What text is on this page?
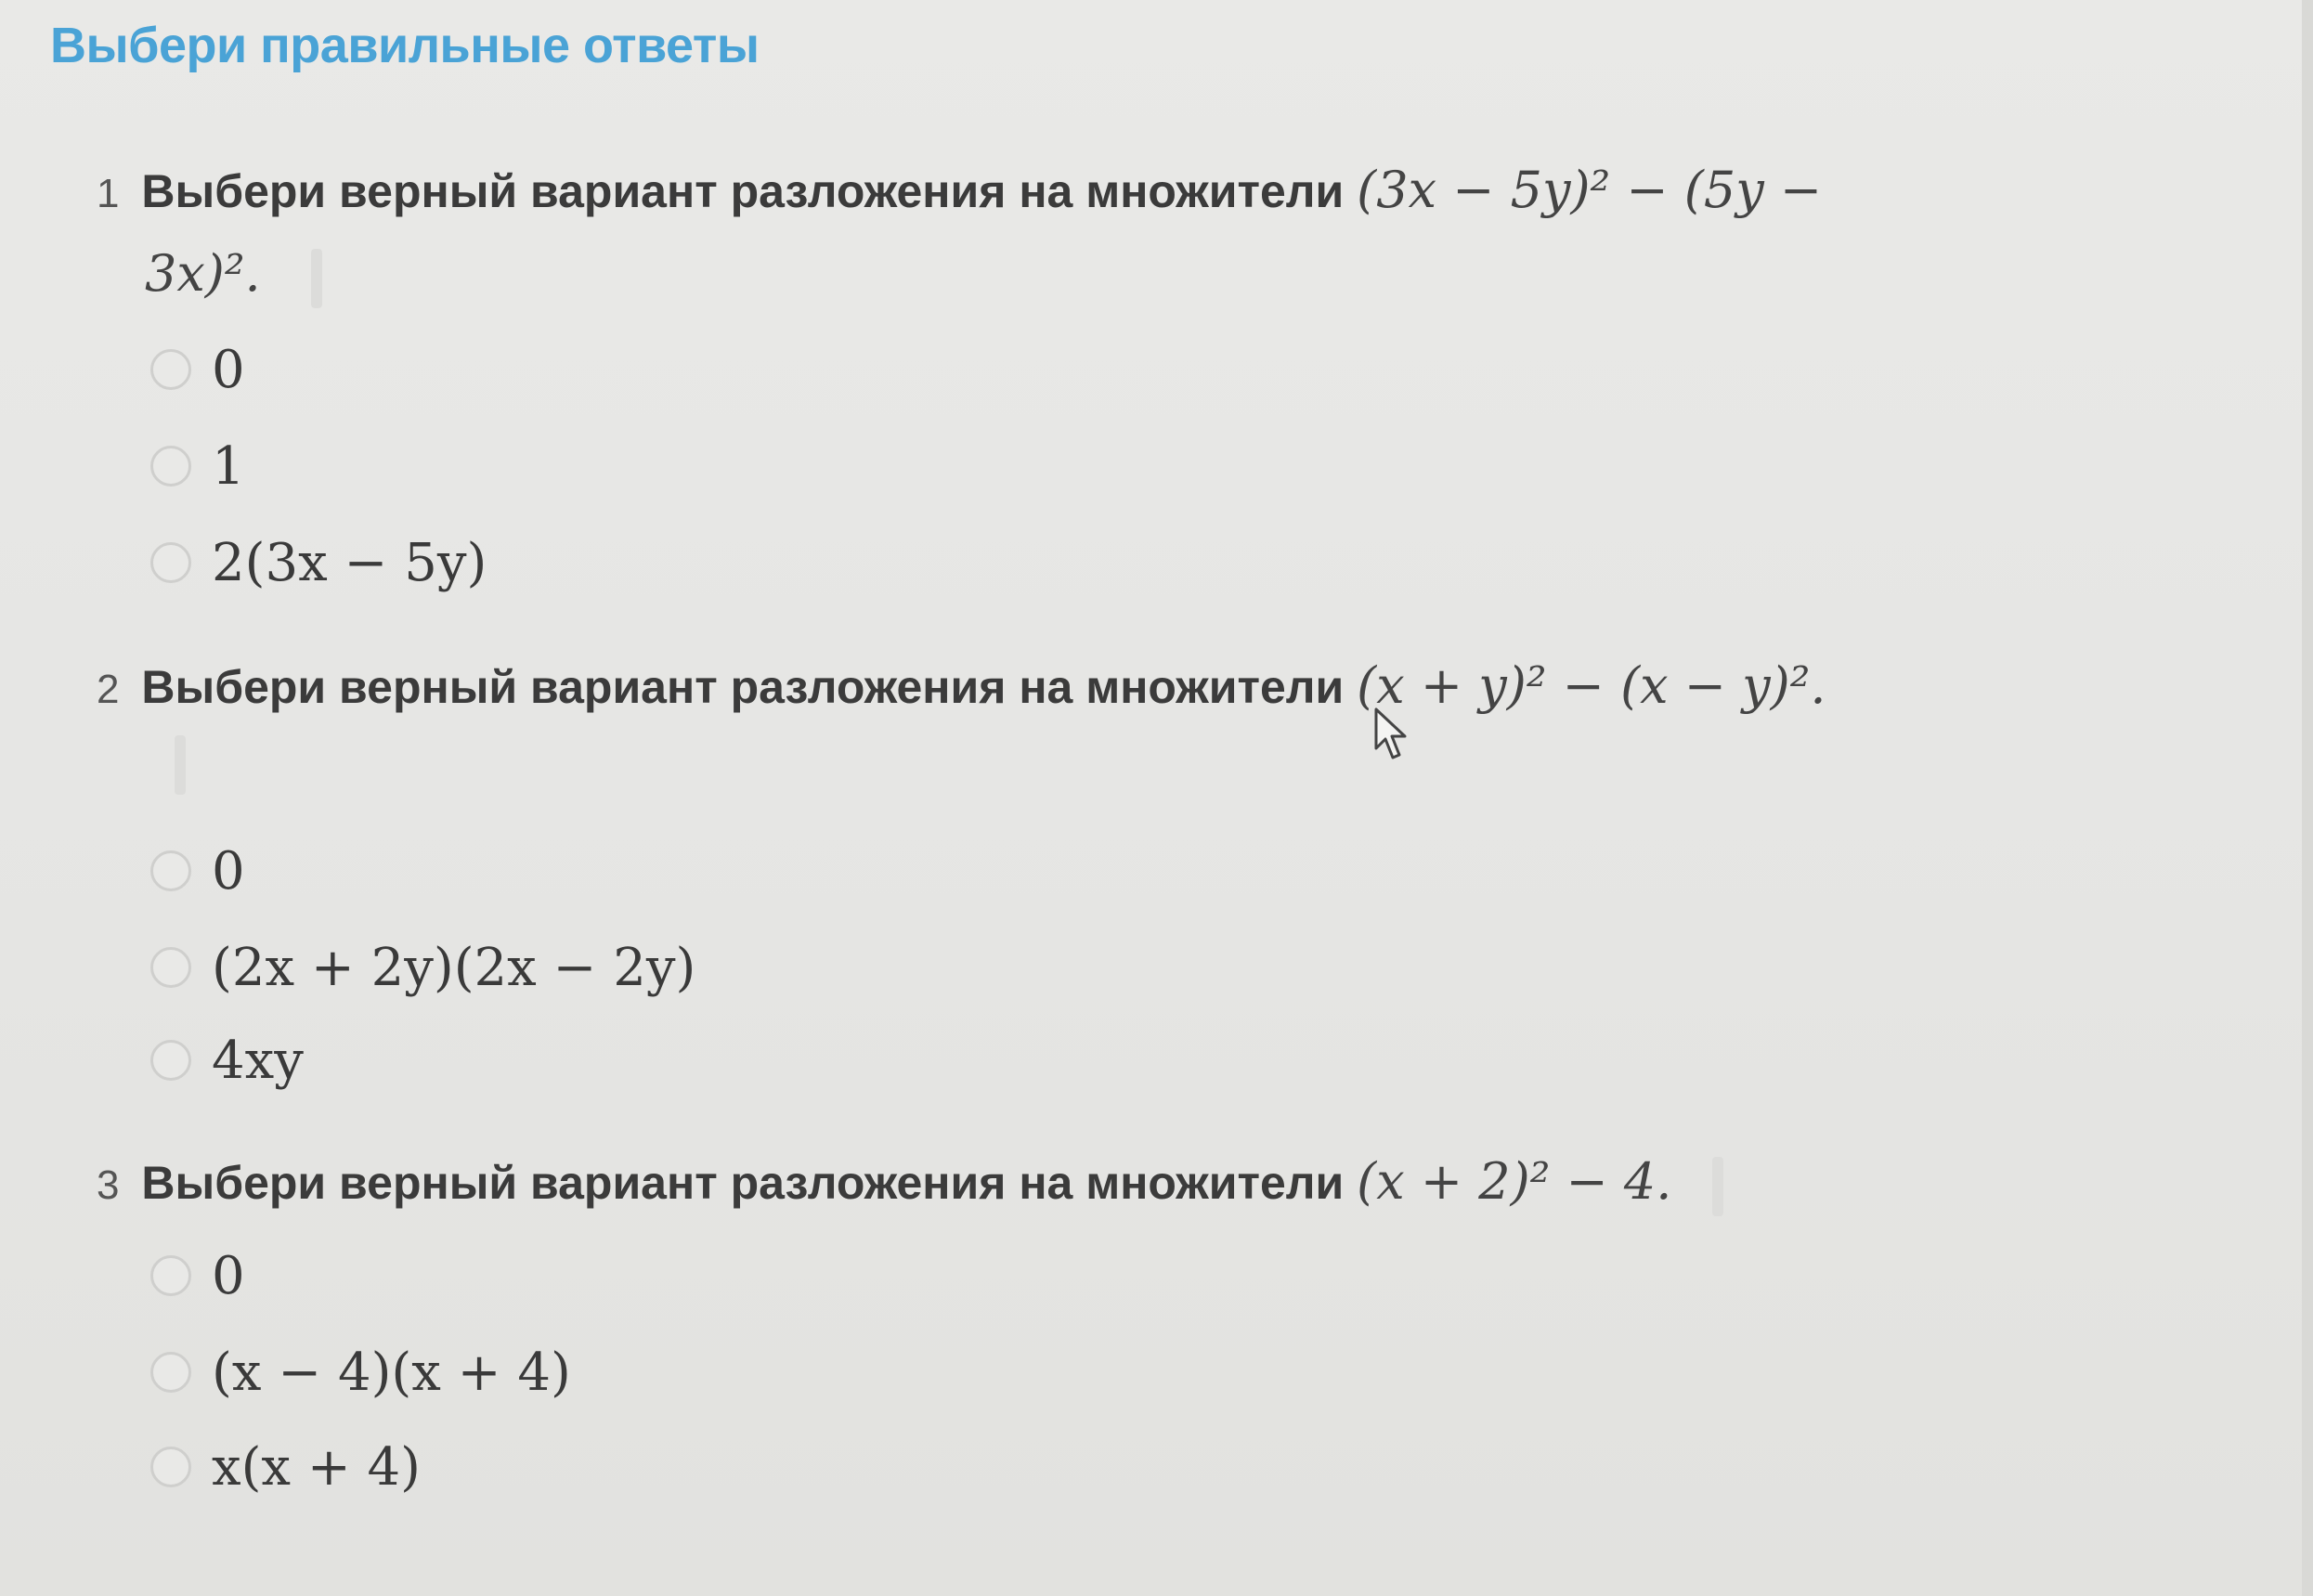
Выбери правильные ответы
1 Выбери верный вариант разложения на множители (3x − 5y)² − (5y −
3x)².
0
1
2(3x − 5y)
2 Выбери верный вариант разложения на множители (x + y)² − (x − y)².
0
(2x + 2y)(2x − 2y)
4xy
3 Выбери верный вариант разложения на множители (x + 2)² − 4.
0
(x − 4)(x + 4)
x(x + 4)
